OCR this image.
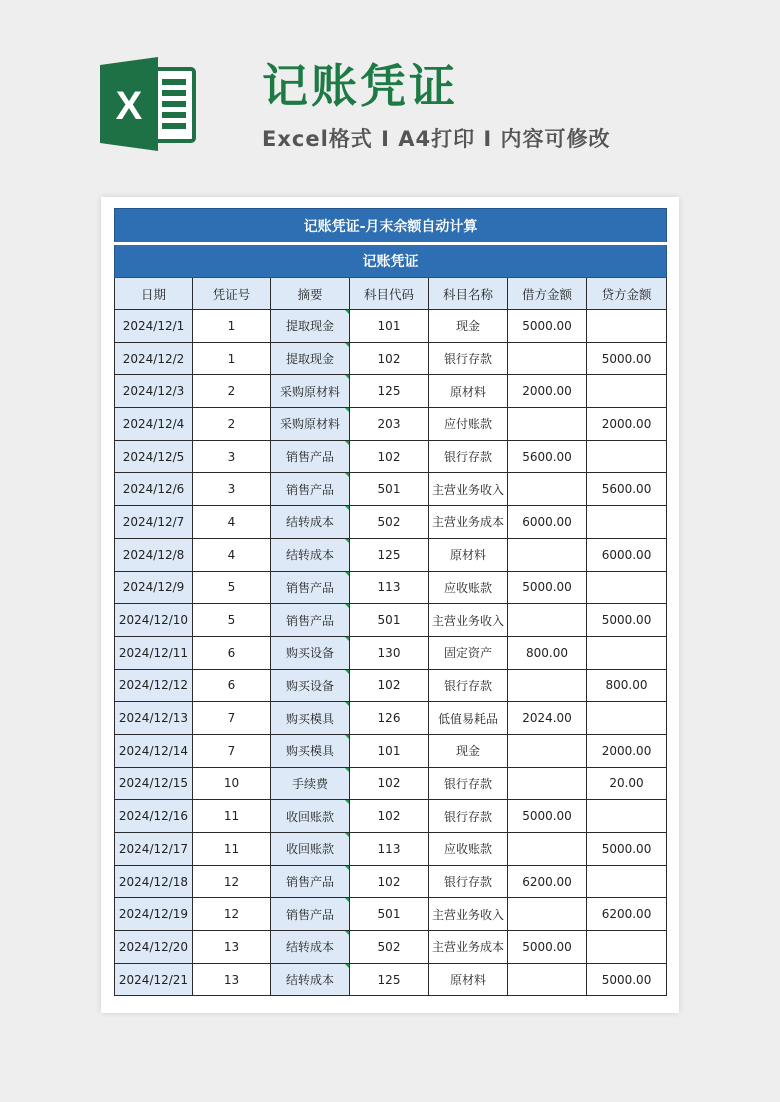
X	记账凭证
Excel格式 I A4打印 I 内容可修改
记账凭证-月末余额自动计算						
记账凭证						
日期	凭证号	摘要	科目代码	科目名称	借方金额	贷方金额
2024/12/1	1	提取现金	101	现金	5000.00	
2024/12/2	1	提取现金	102	银行存款		5000.00
2024/12/3	2	采购原材料	125	原材料	2000.00	
2024/12/4	2	采购原材料	203	应付账款		2000.00
2024/12/5	3	销售产品	102	银行存款	5600.00	
2024/12/6	3	销售产品	501	主营业务收入		5600.00
2024/12/7	4	结转成本	502	主营业务成本	6000.00	
2024/12/8	4	结转成本	125	原材料		6000.00
2024/12/9	5	销售产品	113	应收账款	5000.00	
2024/12/10	5	销售产品	501	主营业务收入		5000.00
2024/12/11	6	购买设备	130	固定资产	800.00	
2024/12/12	6	购买设备	102	银行存款		800.00
2024/12/13	7	购买模具	126	低值易耗品	2024.00	
2024/12/14	7	购买模具	101	现金		2000.00
2024/12/15	10	手续费	102	银行存款		20.00
2024/12/16	11	收回账款	102	银行存款	5000.00	
2024/12/17	11	收回账款	113	应收账款		5000.00
2024/12/18	12	销售产品	102	银行存款	6200.00	
2024/12/19	12	销售产品	501	主营业务收入		6200.00
2024/12/20	13	结转成本	502	主营业务成本	5000.00	
2024/12/21	13	结转成本	125	原材料		5000.00
